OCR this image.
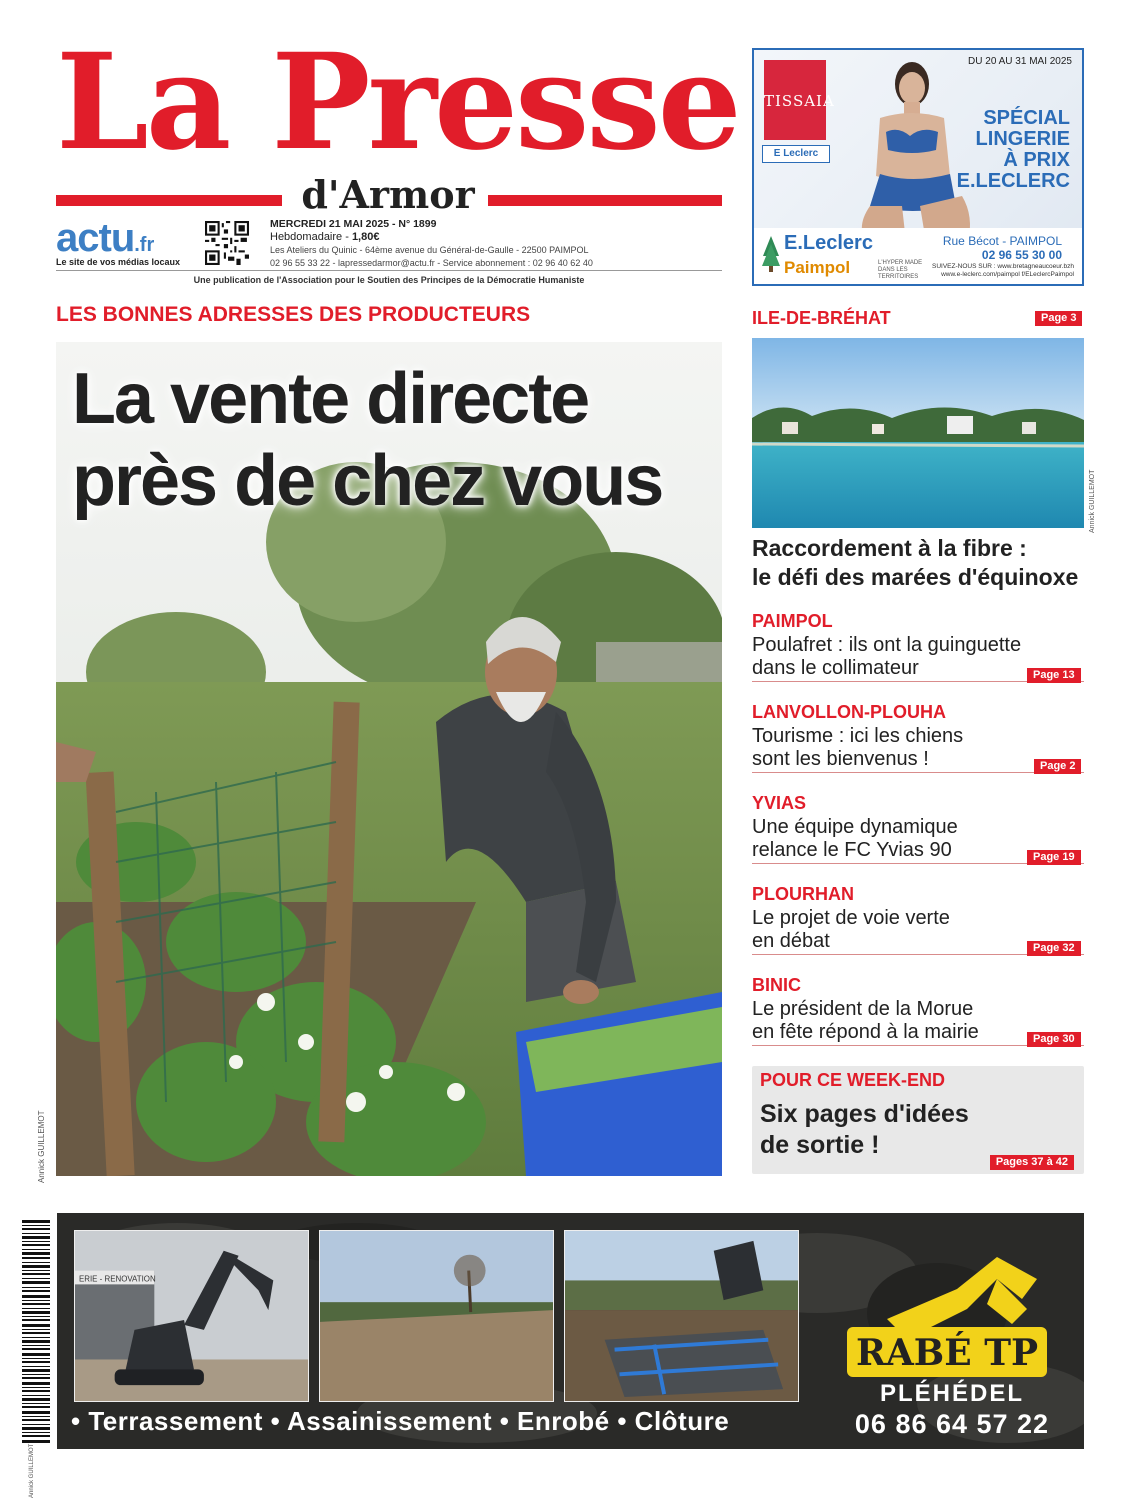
La Presse
d'Armor
actu.fr
Le site de vos médias locaux
MERCREDI 21 MAI 2025 - N° 1899
Hebdomadaire - 1,80€
Les Ateliers du Quinic - 64ème avenue du Général-de-Gaulle - 22500 PAIMPOL
02 96 55 33 22 - lapressedarmor@actu.fr - Service abonnement : 02 96 40 62 40
Une publication de l'Association pour le Soutien des Principes de la Démocratie Humaniste
DU 20 AU 31 MAI 2025
TISSAIA
E Leclerc
SPÉCIAL
LINGERIE
À PRIX
E.LECLERC
E.Leclerc
Paimpol	L'HYPER MADE DANS LES TERRITOIRES
Rue Bécot - PAIMPOL
02 96 55 30 00
SUIVEZ-NOUS SUR : www.bretagneaucoeur.bzh
www.e-leclerc.com/paimpol f/ELeclercPaimpol
LES BONNES ADRESSES DES PRODUCTEURS
La vente directe
près de chez vous
Annick GUILLEMOT
ILE-DE-BRÉHAT	Page 3
Annick GUILLEMOT
Raccordement à la fibre :
le défi des marées d'équinoxe
PAIMPOL
Poulafret : ils ont la guinguette
dans le collimateur	Page 13
LANVOLLON-PLOUHA
Tourisme : ici les chiens
sont les bienvenus !	Page 2
YVIAS
Une équipe dynamique
relance le FC Yvias 90	Page 19
PLOURHAN
Le projet de voie verte
en débat	Page 32
BINIC
Le président de la Morue
en fête répond à la mairie	Page 30
POUR CE WEEK-END
Six pages d'idées
de sortie !
Pages 37 à 42
Annick GUILLEMOT
ERIE - RENOVATION
• Terrassement • Assainissement • Enrobé • Clôture
RABÉ TP
PLÉHÉDEL
06 86 64 57 22
